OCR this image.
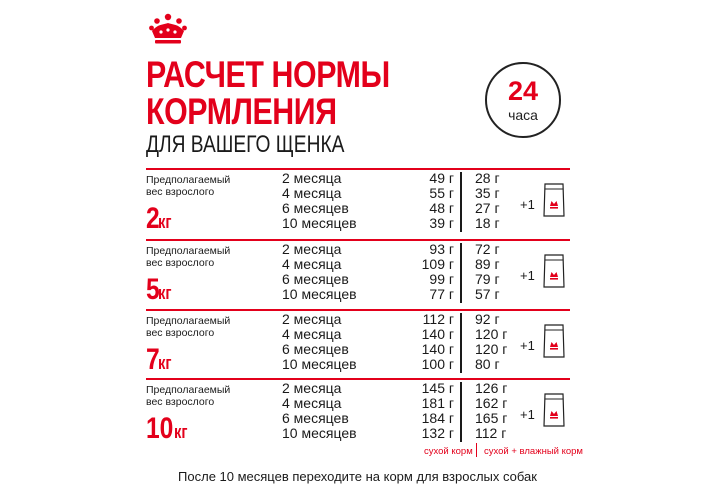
РАСЧЕТ НОРМЫ
КОРМЛЕНИЯ
ДЛЯ ВАШЕГО ЩЕНКА
24
часа
Предполагаемый
вес взрослого
2кг
2 месяца	49 г 28 г
4 месяца	55 г 35 г
6 месяцев	48 г 27 г
10 месяцев	39 г 18 г
+1
Предполагаемый
вес взрослого
5кг
2 месяца	93 г 72 г
4 месяца	109 г 89 г
6 месяцев	99 г 79 г
10 месяцев	77 г 57 г
+1
Предполагаемый
вес взрослого
7кг
2 месяца	112 г 92 г
4 месяца	140 г 120 г
6 месяцев	140 г 120 г
10 месяцев	100 г 80 г
+1
Предполагаемый
вес взрослого
10кг
2 месяца	145 г 126 г
4 месяца	181 г 162 г
6 месяцев	184 г 165 г
10 месяцев	132 г 112 г
+1
сухой корм сухой + влажный корм
После 10 месяцев переходите на корм для взрослых собак
